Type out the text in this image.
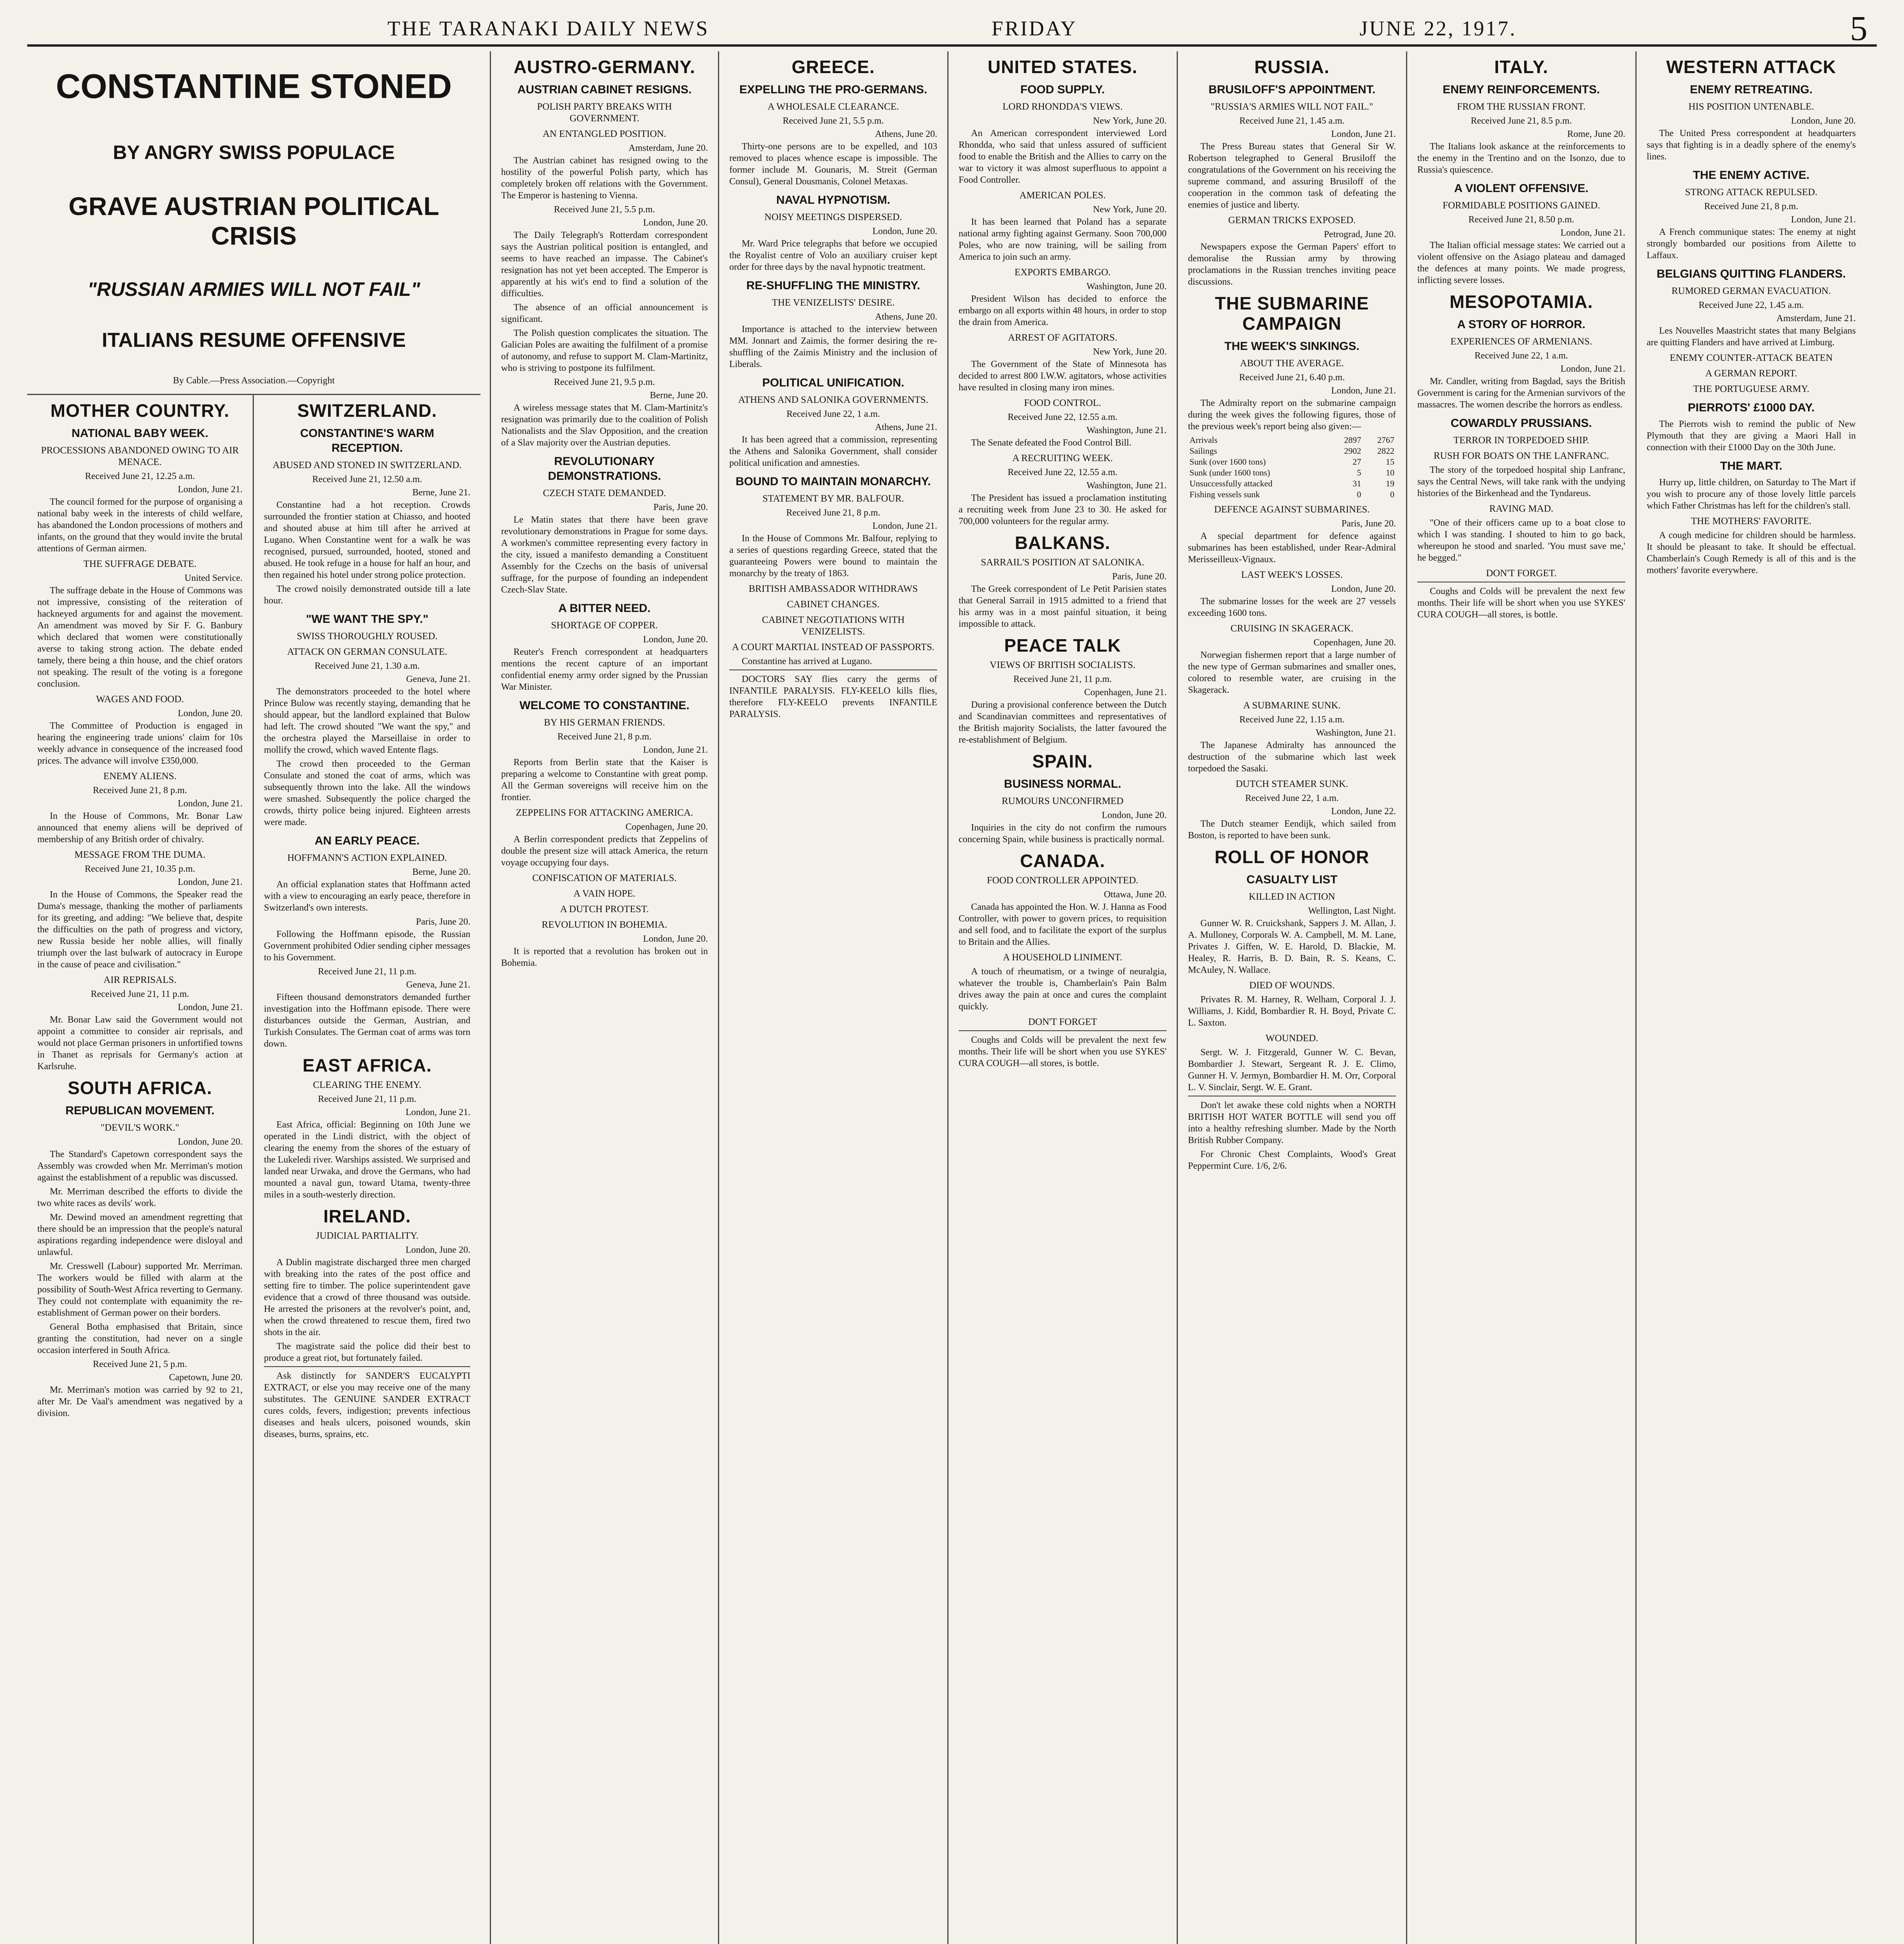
THE TARANAKI DAILY NEWS	FRIDAY	JUNE 22, 1917.	5
CONSTANTINE STONED
BY ANGRY SWISS POPULACE
GRAVE AUSTRIAN POLITICAL CRISIS
"RUSSIAN ARMIES WILL NOT FAIL"
ITALIANS RESUME OFFENSIVE
By Cable.—Press Association.—Copyright
MOTHER COUNTRY.
NATIONAL BABY WEEK.
PROCESSIONS ABANDONED OWING TO AIR MENACE.
Received June 21, 12.25 a.m.
London, June 21.

The council formed for the purpose of organising a national baby week in the interests of child welfare, has abandoned the London processions of mothers and infants, on the ground that they would invite the brutal attentions of German airmen.

THE SUFFRAGE DEBATE.
United Service.

The suffrage debate in the House of Commons was not impressive, consisting of the reiteration of hackneyed arguments for and against the movement. An amendment was moved by Sir F. G. Banbury which declared that women were constitutionally averse to taking strong action. The debate ended tamely, there being a thin house, and the chief orators not speaking. The result of the voting is a foregone conclusion.

WAGES AND FOOD.
London, June 20.

The Committee of Production is engaged in hearing the engineering trade unions' claim for 10s weekly advance in consequence of the increased food prices. The advance will involve £350,000.

ENEMY ALIENS.
Received June 21, 8 p.m.
London, June 21.

In the House of Commons, Mr. Bonar Law announced that enemy aliens will be deprived of membership of any British order of chivalry.

MESSAGE FROM THE DUMA.
Received June 21, 10.35 p.m.
London, June 21.

In the House of Commons, the Speaker read the Duma's message, thanking the mother of parliaments for its greeting, and adding: "We believe that, despite the difficulties on the path of progress and victory, new Russia beside her noble allies, will finally triumph over the last bulwark of autocracy in Europe in the cause of peace and civilisation."

AIR REPRISALS.
Received June 21, 11 p.m.
London, June 21.

Mr. Bonar Law said the Government would not appoint a committee to consider air reprisals, and would not place German prisoners in unfortified towns in Thanet as reprisals for Germany's action at Karlsruhe.

SOUTH AFRICA.
REPUBLICAN MOVEMENT.
"DEVIL'S WORK."
London, June 20.

The Standard's Capetown correspondent says the Assembly was crowded when Mr. Merriman's motion against the establishment of a republic was discussed.

Mr. Merriman described the efforts to divide the two white races as devils' work.

Mr. Dewind moved an amendment regretting that there should be an impression that the people's natural aspirations regarding independence were disloyal and unlawful.

Mr. Cresswell (Labour) supported Mr. Merriman. The workers would be filled with alarm at the possibility of South-West Africa reverting to Germany. They could not contemplate with equanimity the re-establishment of German power on their borders.

General Botha emphasised that Britain, since granting the constitution, had never on a single occasion interfered in South Africa.

Received June 21, 5 p.m.
Capetown, June 20.

Mr. Merriman's motion was carried by 92 to 21, after Mr. De Vaal's amendment was negatived by a division.

SWITZERLAND.
CONSTANTINE'S WARM RECEPTION.
ABUSED AND STONED IN SWITZERLAND.
Received June 21, 12.50 a.m.
Berne, June 21.

Constantine had a hot reception. Crowds surrounded the frontier station at Chiasso, and hooted and shouted abuse at him till after he arrived at Lugano. When Constantine went for a walk he was recognised, pursued, surrounded, hooted, stoned and abused. He took refuge in a house for half an hour, and then regained his hotel under strong police protection.

The crowd noisily demonstrated outside till a late hour.

"WE WANT THE SPY."
SWISS THOROUGHLY ROUSED.
ATTACK ON GERMAN CONSULATE.
Received June 21, 1.30 a.m.
Geneva, June 21.

The demonstrators proceeded to the hotel where Prince Bulow was recently staying, demanding that he should appear, but the landlord explained that Bulow had left. The crowd shouted "We want the spy," and the orchestra played the Marseillaise in order to mollify the crowd, which waved Entente flags.

The crowd then proceeded to the German Consulate and stoned the coat of arms, which was subsequently thrown into the lake. All the windows were smashed. Subsequently the police charged the crowds, thirty police being injured. Eighteen arrests were made.

AN EARLY PEACE.
HOFFMANN'S ACTION EXPLAINED.
Berne, June 20.

An official explanation states that Hoffmann acted with a view to encouraging an early peace, therefore in Switzerland's own interests.

Paris, June 20.

Following the Hoffmann episode, the Russian Government prohibited Odier sending cipher messages to his Government.

Received June 21, 11 p.m.
Geneva, June 21.

Fifteen thousand demonstrators demanded further investigation into the Hoffmann episode. There were disturbances outside the German, Austrian, and Turkish Consulates. The German coat of arms was torn down.

EAST AFRICA.
CLEARING THE ENEMY.
Received June 21, 11 p.m.
London, June 21.

East Africa, official: Beginning on 10th June we operated in the Lindi district, with the object of clearing the enemy from the shores of the estuary of the Lukeledi river. Warships assisted. We surprised and landed near Urwaka, and drove the Germans, who had mounted a naval gun, toward Utama, twenty-three miles in a south-westerly direction.

IRELAND.
JUDICIAL PARTIALITY.
London, June 20.

A Dublin magistrate discharged three men charged with breaking into the rates of the post office and setting fire to timber. The police superintendent gave evidence that a crowd of three thousand was outside. He arrested the prisoners at the revolver's point, and, when the crowd threatened to rescue them, fired two shots in the air.

The magistrate said the police did their best to produce a great riot, but fortunately failed.

Ask distinctly for SANDER'S EUCALYPTI EXTRACT, or else you may receive one of the many substitutes. The GENUINE SANDER EXTRACT cures colds, fevers, indigestion; prevents infectious diseases and heals ulcers, poisoned wounds, skin diseases, burns, sprains, etc.

AUSTRO-GERMANY.
AUSTRIAN CABINET RESIGNS.
POLISH PARTY BREAKS WITH GOVERNMENT.
AN ENTANGLED POSITION.
Amsterdam, June 20.

The Austrian cabinet has resigned owing to the hostility of the powerful Polish party, which has completely broken off relations with the Government. The Emperor is hastening to Vienna.

Received June 21, 5.5 p.m.
London, June 20.

The Daily Telegraph's Rotterdam correspondent says the Austrian political position is entangled, and seems to have reached an impasse. The Cabinet's resignation has not yet been accepted. The Emperor is apparently at his wit's end to find a solution of the difficulties.

The absence of an official announcement is significant.

The Polish question complicates the situation. The Galician Poles are awaiting the fulfilment of a promise of autonomy, and refuse to support M. Clam-Martinitz, who is striving to postpone its fulfilment.

Received June 21, 9.5 p.m.
Berne, June 20.

A wireless message states that M. Clam-Martinitz's resignation was primarily due to the coalition of Polish Nationalists and the Slav Opposition, and the creation of a Slav majority over the Austrian deputies.

REVOLUTIONARY DEMONSTRATIONS.
CZECH STATE DEMANDED.
Paris, June 20.

Le Matin states that there have been grave revolutionary demonstrations in Prague for some days. A workmen's committee representing every factory in the city, issued a manifesto demanding a Constituent Assembly for the Czechs on the basis of universal suffrage, for the purpose of founding an independent Czech-Slav State.

A BITTER NEED.
SHORTAGE OF COPPER.
London, June 20.

Reuter's French correspondent at headquarters mentions the recent capture of an important confidential enemy army order signed by the Prussian War Minister.

WELCOME TO CONSTANTINE.
BY HIS GERMAN FRIENDS.
Received June 21, 8 p.m.
London, June 21.

Reports from Berlin state that the Kaiser is preparing a welcome to Constantine with great pomp. All the German sovereigns will receive him on the frontier.

ZEPPELINS FOR ATTACKING AMERICA.
Copenhagen, June 20.

A Berlin correspondent predicts that Zeppelins of double the present size will attack America, the return voyage occupying four days.

CONFISCATION OF MATERIALS.
A VAIN HOPE.
A DUTCH PROTEST.
REVOLUTION IN BOHEMIA.
London, June 20.

It is reported that a revolution has broken out in Bohemia.

GREECE.
EXPELLING THE PRO-GERMANS.
A WHOLESALE CLEARANCE.
Received June 21, 5.5 p.m.
Athens, June 20.

Thirty-one persons are to be expelled, and 103 removed to places whence escape is impossible. The former include M. Gounaris, M. Streit (German Consul), General Dousmanis, Colonel Metaxas.

NAVAL HYPNOTISM.
NOISY MEETINGS DISPERSED.
London, June 20.

Mr. Ward Price telegraphs that before we occupied the Royalist centre of Volo an auxiliary cruiser kept order for three days by the naval hypnotic treatment.

RE-SHUFFLING THE MINISTRY.
THE VENIZELISTS' DESIRE.
Athens, June 20.

Importance is attached to the interview between MM. Jonnart and Zaimis, the former desiring the re-shuffling of the Zaimis Ministry and the inclusion of Liberals.

POLITICAL UNIFICATION.
ATHENS AND SALONIKA GOVERNMENTS.
Received June 22, 1 a.m.
Athens, June 21.

It has been agreed that a commission, representing the Athens and Salonika Government, shall consider political unification and amnesties.

BOUND TO MAINTAIN MONARCHY.
STATEMENT BY MR. BALFOUR.
Received June 21, 8 p.m.
London, June 21.

In the House of Commons Mr. Balfour, replying to a series of questions regarding Greece, stated that the guaranteeing Powers were bound to maintain the monarchy by the treaty of 1863.

BRITISH AMBASSADOR WITHDRAWS
CABINET CHANGES.
CABINET NEGOTIATIONS WITH VENIZELISTS.
A COURT MARTIAL INSTEAD OF PASSPORTS.

Constantine has arrived at Lugano.

DOCTORS SAY flies carry the germs of INFANTILE PARALYSIS. FLY-KEELO kills flies, therefore FLY-KEELO prevents INFANTILE PARALYSIS.

UNITED STATES.
FOOD SUPPLY.
LORD RHONDDA'S VIEWS.
New York, June 20.

An American correspondent interviewed Lord Rhondda, who said that unless assured of sufficient food to enable the British and the Allies to carry on the war to victory it was almost superfluous to appoint a Food Controller.

AMERICAN POLES.
New York, June 20.

It has been learned that Poland has a separate national army fighting against Germany. Soon 700,000 Poles, who are now training, will be sailing from America to join such an army.

EXPORTS EMBARGO.
Washington, June 20.

President Wilson has decided to enforce the embargo on all exports within 48 hours, in order to stop the drain from America.

ARREST OF AGITATORS.
New York, June 20.

The Government of the State of Minnesota has decided to arrest 800 I.W.W. agitators, whose activities have resulted in closing many iron mines.

FOOD CONTROL.
Received June 22, 12.55 a.m.
Washington, June 21.

The Senate defeated the Food Control Bill.

A RECRUITING WEEK.
Received June 22, 12.55 a.m.
Washington, June 21.

The President has issued a proclamation instituting a recruiting week from June 23 to 30. He asked for 700,000 volunteers for the regular army.

BALKANS.
SARRAIL'S POSITION AT SALONIKA.
Paris, June 20.

The Greek correspondent of Le Petit Parisien states that General Sarrail in 1915 admitted to a friend that his army was in a most painful situation, it being impossible to attack.

PEACE TALK
VIEWS OF BRITISH SOCIALISTS.
Received June 21, 11 p.m.
Copenhagen, June 21.

During a provisional conference between the Dutch and Scandinavian committees and representatives of the British majority Socialists, the latter favoured the re-establishment of Belgium.

SPAIN.
BUSINESS NORMAL.
RUMOURS UNCONFIRMED
London, June 20.

Inquiries in the city do not confirm the rumours concerning Spain, while business is practically normal.

CANADA.
FOOD CONTROLLER APPOINTED.
Ottawa, June 20.

Canada has appointed the Hon. W. J. Hanna as Food Controller, with power to govern prices, to requisition and sell food, and to facilitate the export of the surplus to Britain and the Allies.

A HOUSEHOLD LINIMENT.

A touch of rheumatism, or a twinge of neuralgia, whatever the trouble is, Chamberlain's Pain Balm drives away the pain at once and cures the complaint quickly.

DON'T FORGET

Coughs and Colds will be prevalent the next few months. Their life will be short when you use SYKES' CURA COUGH—all stores, is bottle.

RUSSIA.
BRUSILOFF'S APPOINTMENT.
"RUSSIA'S ARMIES WILL NOT FAIL."
Received June 21, 1.45 a.m.
London, June 21.

The Press Bureau states that General Sir W. Robertson telegraphed to General Brusiloff the congratulations of the Government on his receiving the supreme command, and assuring Brusiloff of the cooperation in the common task of defeating the enemies of justice and liberty.

GERMAN TRICKS EXPOSED.
Petrograd, June 20.

Newspapers expose the German Papers' effort to demoralise the Russian army by throwing proclamations in the Russian trenches inviting peace discussions.

THE SUBMARINE CAMPAIGN
THE WEEK'S SINKINGS.
ABOUT THE AVERAGE.
Received June 21, 6.40 p.m.
London, June 21.

The Admiralty report on the submarine campaign during the week gives the following figures, those of the previous week's report being also given:—

Arrivals	2897	2767
Sailings	2902	2822
Sunk (over 1600 tons)	27	15
Sunk (under 1600 tons)	5	10
Unsuccessfully attacked	31	19
Fishing vessels sunk	0	0
DEFENCE AGAINST SUBMARINES.
Paris, June 20.

A special department for defence against submarines has been established, under Rear-Admiral Merisseilleux-Vignaux.

LAST WEEK'S LOSSES.
London, June 20.

The submarine losses for the week are 27 vessels exceeding 1600 tons.

CRUISING IN SKAGERACK.
Copenhagen, June 20.

Norwegian fishermen report that a large number of the new type of German submarines and smaller ones, colored to resemble water, are cruising in the Skagerack.

A SUBMARINE SUNK.
Received June 22, 1.15 a.m.
Washington, June 21.

The Japanese Admiralty has announced the destruction of the submarine which last week torpedoed the Sasaki.

DUTCH STEAMER SUNK.
Received June 22, 1 a.m.
London, June 22.

The Dutch steamer Eendijk, which sailed from Boston, is reported to have been sunk.

ROLL OF HONOR
CASUALTY LIST
KILLED IN ACTION
Wellington, Last Night.

Gunner W. R. Cruickshank, Sappers J. M. Allan, J. A. Mulloney, Corporals W. A. Campbell, M. M. Lane, Privates J. Giffen, W. E. Harold, D. Blackie, M. Healey, R. Harris, B. D. Bain, R. S. Keans, C. McAuley, N. Wallace.

DIED OF WOUNDS.

Privates R. M. Harney, R. Welham, Corporal J. J. Williams, J. Kidd, Bombardier R. H. Boyd, Private C. L. Saxton.

WOUNDED.

Sergt. W. J. Fitzgerald, Gunner W. C. Bevan, Bombardier J. Stewart, Sergeant R. J. E. Climo, Gunner H. V. Jermyn, Bombardier H. M. Orr, Corporal L. V. Sinclair, Sergt. W. E. Grant.

Don't let awake these cold nights when a NORTH BRITISH HOT WATER BOTTLE will send you off into a healthy refreshing slumber. Made by the North British Rubber Company.

For Chronic Chest Complaints, Wood's Great Peppermint Cure. 1/6, 2/6.

ITALY.
ENEMY REINFORCEMENTS.
FROM THE RUSSIAN FRONT.
Received June 21, 8.5 p.m.
Rome, June 20.

The Italians look askance at the reinforcements to the enemy in the Trentino and on the Isonzo, due to Russia's quiescence.

A VIOLENT OFFENSIVE.
FORMIDABLE POSITIONS GAINED.
Received June 21, 8.50 p.m.
London, June 21.

The Italian official message states: We carried out a violent offensive on the Asiago plateau and damaged the defences at many points. We made progress, inflicting severe losses.

MESOPOTAMIA.
A STORY OF HORROR.
EXPERIENCES OF ARMENIANS.
Received June 22, 1 a.m.
London, June 21.

Mr. Candler, writing from Bagdad, says the British Government is caring for the Armenian survivors of the massacres. The women describe the horrors as endless.

COWARDLY PRUSSIANS.
TERROR IN TORPEDOED SHIP.
RUSH FOR BOATS ON THE LANFRANC.

The story of the torpedoed hospital ship Lanfranc, says the Central News, will take rank with the undying histories of the Birkenhead and the Tyndareus.

RAVING MAD.

"One of their officers came up to a boat close to which I was standing. I shouted to him to go back, whereupon he stood and snarled. 'You must save me,' he begged."

DON'T FORGET.

Coughs and Colds will be prevalent the next few months. Their life will be short when you use SYKES' CURA COUGH—all stores, is bottle.

WESTERN ATTACK
ENEMY RETREATING.
HIS POSITION UNTENABLE.
London, June 20.

The United Press correspondent at headquarters says that fighting is in a deadly sphere of the enemy's lines.

THE ENEMY ACTIVE.
STRONG ATTACK REPULSED.
Received June 21, 8 p.m.
London, June 21.

A French communique states: The enemy at night strongly bombarded our positions from Ailette to Laffaux.

BELGIANS QUITTING FLANDERS.
RUMORED GERMAN EVACUATION.
Received June 22, 1.45 a.m.
Amsterdam, June 21.

Les Nouvelles Maastricht states that many Belgians are quitting Flanders and have arrived at Limburg.

ENEMY COUNTER-ATTACK BEATEN
A GERMAN REPORT.
THE PORTUGUESE ARMY.
PIERROTS' £1000 DAY.

The Pierrots wish to remind the public of New Plymouth that they are giving a Maori Hall in connection with their £1000 Day on the 30th June.

THE MART.

Hurry up, little children, on Saturday to The Mart if you wish to procure any of those lovely little parcels which Father Christmas has left for the children's stall.

THE MOTHERS' FAVORITE.

A cough medicine for children should be harmless. It should be pleasant to take. It should be effectual. Chamberlain's Cough Remedy is all of this and is the mothers' favorite everywhere.
